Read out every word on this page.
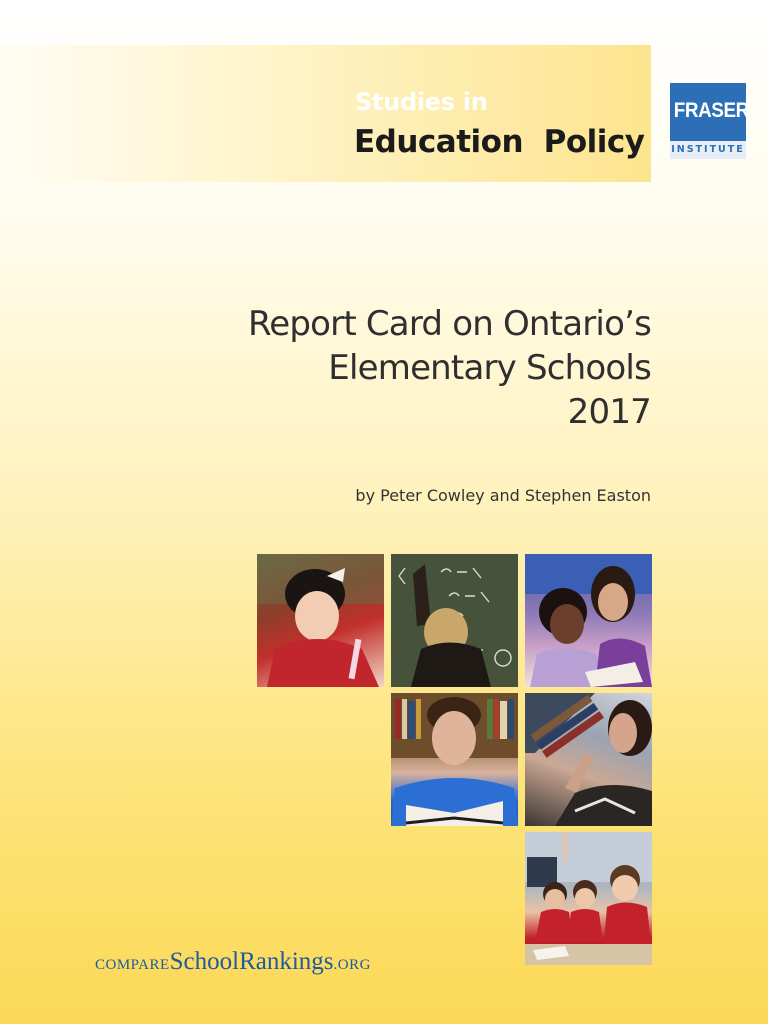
Studies in
Education  Policy
FRASER
INSTITUTE
Report Card on Ontario’s
Elementary Schools
2017
by Peter Cowley and Stephen Easton
COMPARESchoolRankings.ORG
